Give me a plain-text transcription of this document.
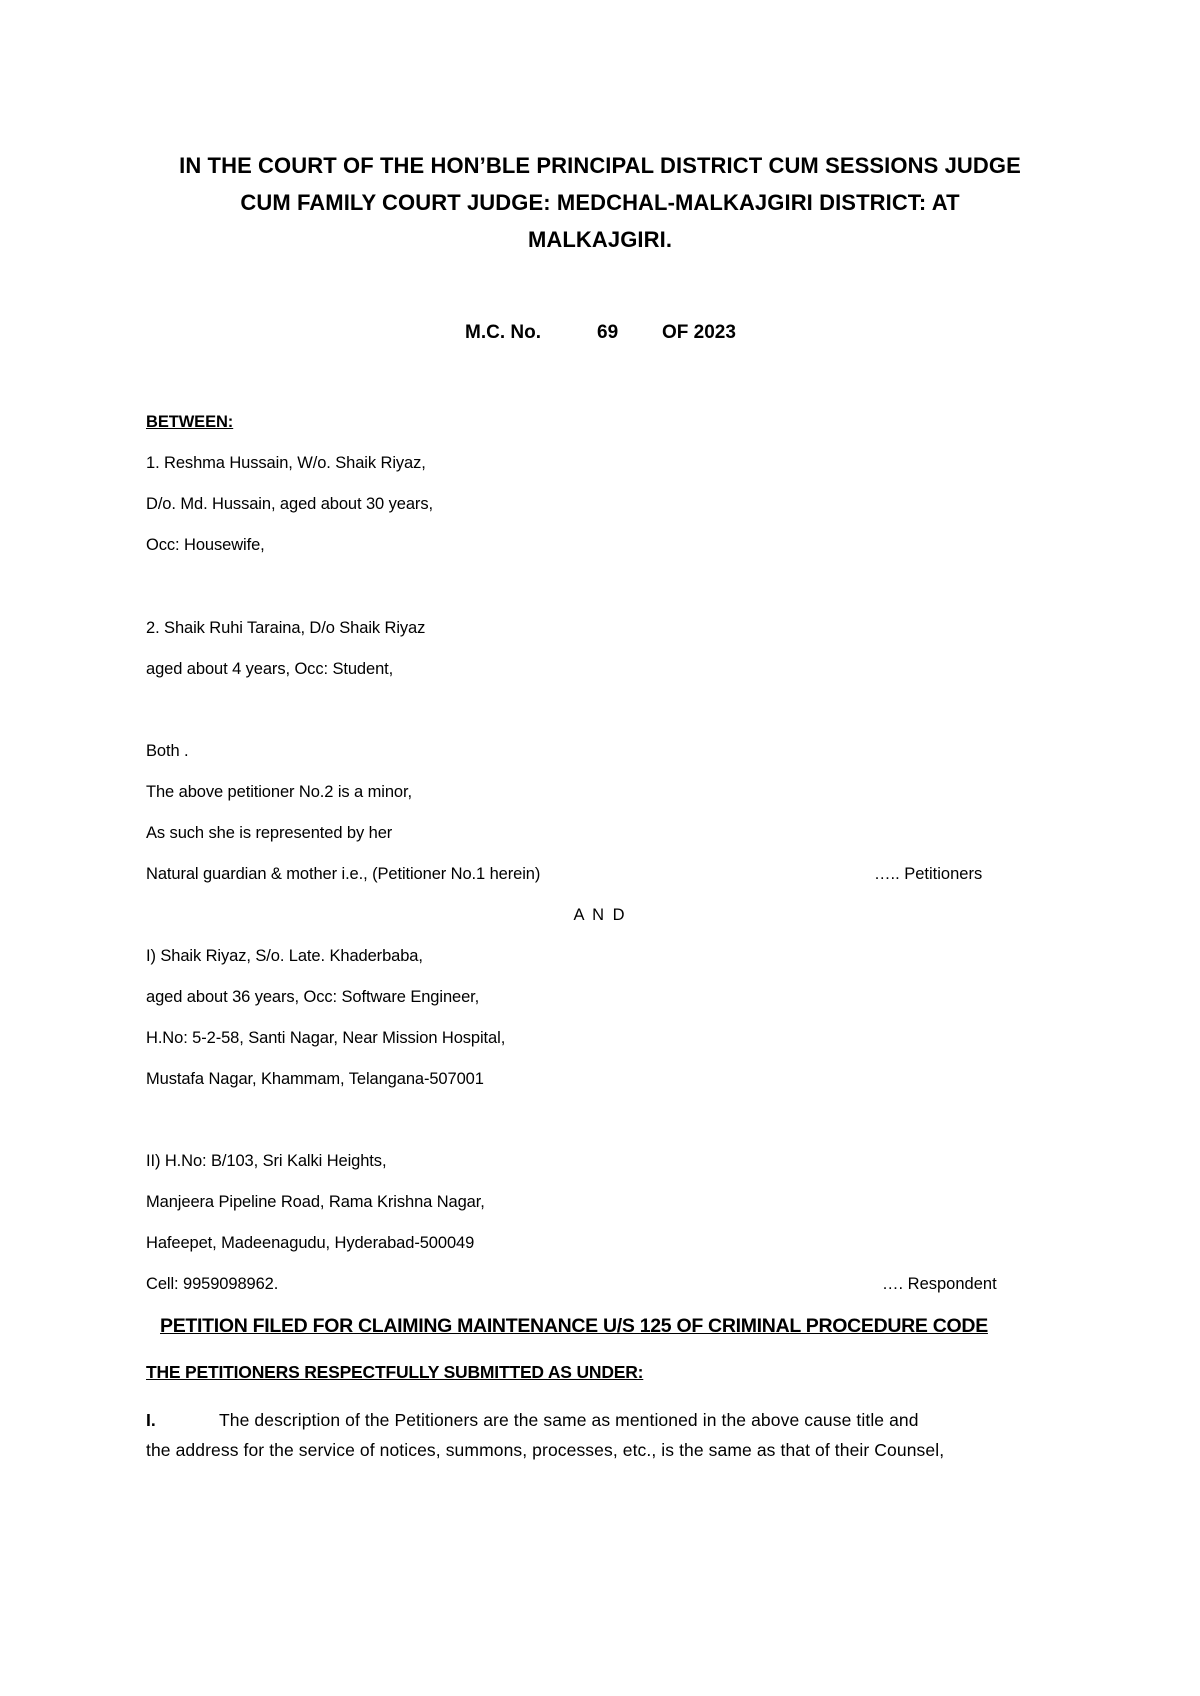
IN THE COURT OF THE HON’BLE PRINCIPAL DISTRICT CUM SESSIONS JUDGE
CUM FAMILY COURT JUDGE: MEDCHAL-MALKAJGIRI DISTRICT: AT
MALKAJGIRI.
M.C. No.	69 OF 2023
BETWEEN:
1. Reshma Hussain, W/o. Shaik Riyaz,
D/o. Md. Hussain, aged about 30 years,
Occ: Housewife,
2. Shaik Ruhi Taraina, D/o Shaik Riyaz
aged about 4 years, Occ: Student,
Both .
The above petitioner No.2 is a minor,
As such she is represented by her
Natural guardian & mother i.e., (Petitioner No.1 herein)	….. Petitioners
A N D
I) Shaik Riyaz, S/o. Late. Khaderbaba,
aged about 36 years, Occ: Software Engineer,
H.No: 5-2-58, Santi Nagar, Near Mission Hospital,
Mustafa Nagar, Khammam, Telangana-507001
II) H.No: B/103, Sri Kalki Heights,
Manjeera Pipeline Road, Rama Krishna Nagar,
Hafeepet, Madeenagudu, Hyderabad-500049
Cell: 9959098962.	…. Respondent
PETITION FILED FOR CLAIMING MAINTENANCE U/S 125 OF CRIMINAL PROCEDURE CODE
THE PETITIONERS RESPECTFULLY SUBMITTED AS UNDER:
I.	The description of the Petitioners are the same as mentioned in the above cause title and
the address for the service of notices, summons, processes, etc., is the same as that of their Counsel,
